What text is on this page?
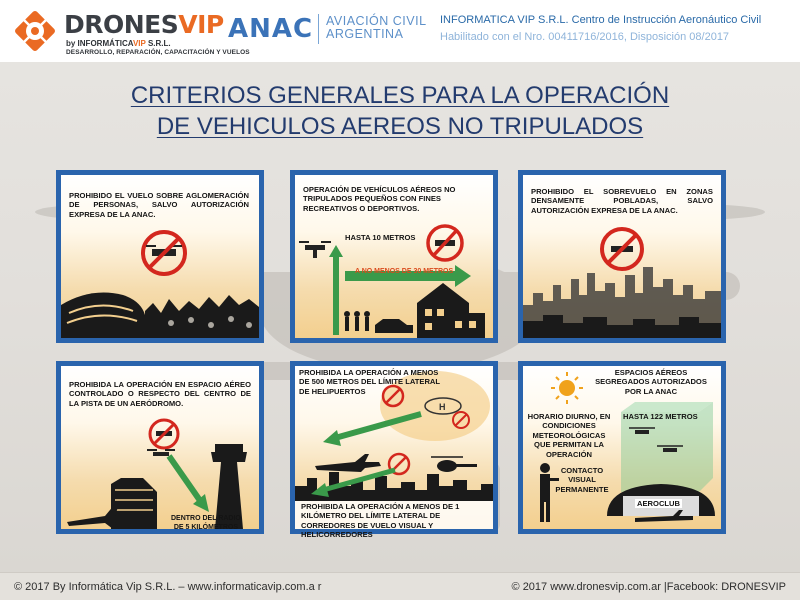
DRONESVIP
by INFORMÁTICAVIP S.R.L.
DESARROLLO, REPARACIÓN, CAPACITACIÓN Y VUELOS
ANAC AVIACIÓN CIVIL
ARGENTINA
INFORMATICA VIP S.R.L. Centro de Instrucción Aeronáutico Civil
Habilitado con el Nro. 00411716/2016, Disposición 08/2017
CRITERIOS GENERALES PARA LA OPERACIÓN
DE VEHICULOS AEREOS NO TRIPULADOS
PROHIBIDO EL VUELO SOBRE AGLOMERACIÓN DE PERSONAS, SALVO AUTORIZACIÓN EXPRESA DE LA ANAC.
OPERACIÓN DE VEHÍCULOS AÉREOS NO TRIPULADOS PEQUEÑOS CON FINES RECREATIVOS O DEPORTIVOS.
HASTA 10 METROS
A NO MENOS DE 30 METROS
PROHIBIDO EL SOBREVUELO EN ZONAS DENSAMENTE POBLADAS, SALVO AUTORIZACIÓN EXPRESA DE LA ANAC.
PROHIBIDA LA OPERACIÓN EN ESPACIO AÉREO CONTROLADO O RESPECTO DEL CENTRO DE LA PISTA DE UN AERÓDROMO.
DENTRO DEL RADIO
DE 5 KILÓMETROS
H
PROHIBIDA LA OPERACIÓN A MENOS DE 500 METROS DEL LÍMITE LATERAL DE HELIPUERTOS
PROHIBIDA LA OPERACIÓN A MENOS DE 1 KILÓMETRO DEL LÍMITE LATERAL DE CORREDORES DE VUELO VISUAL Y HELICORREDORES
ESPACIOS AÉREOS SEGREGADOS AUTORIZADOS POR LA ANAC
HORARIO DIURNO, EN CONDICIONES METEOROLÓGICAS QUE PERMITAN LA OPERACIÓN
HASTA 122 METROS
CONTACTO VISUAL PERMANENTE
AEROCLUB
© 2017 By Informática Vip S.R.L. – www.informaticavip.com.a r	© 2017 www.dronesvip.com.ar |Facebook: DRONESVIP
